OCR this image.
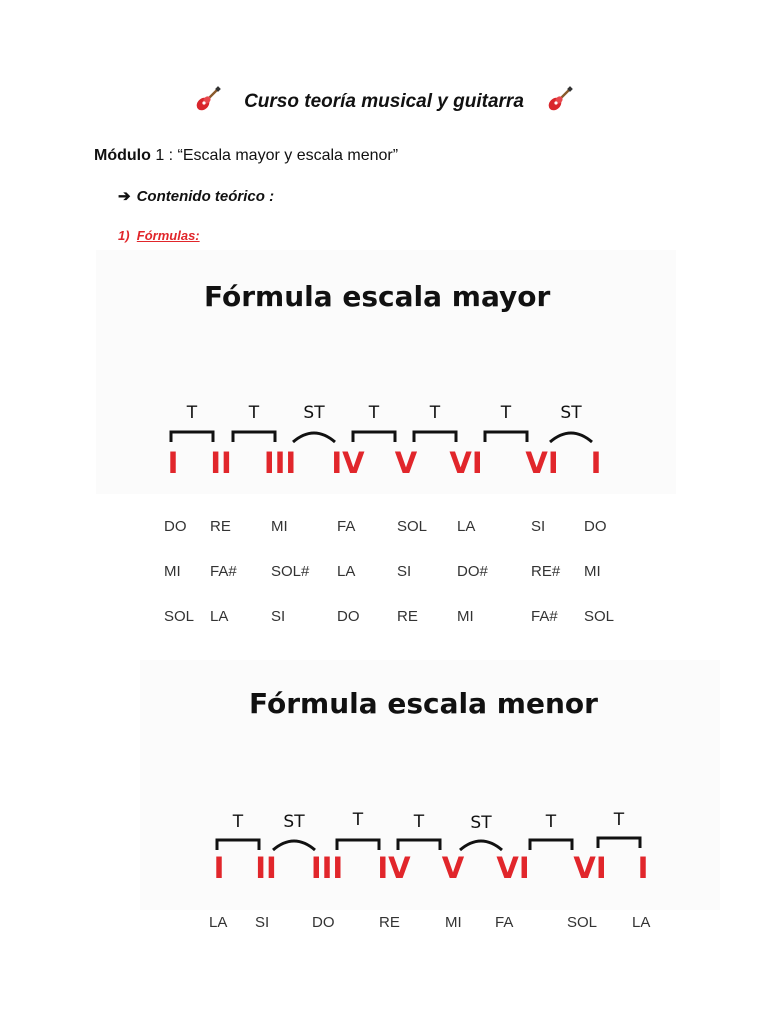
Curso teoría musical y guitarra
Módulo 1 : “Escala mayor y escala menor”
➔ Contenido teórico :
1) Fórmulas:
Fórmula escala mayor
I II III IV V VI VI I
T	T	ST	T	T	T	ST
DO RE	MI	FA	SOL LA	SI	DO
MI FA# SOL# LA	SI	DO#	RE# MI
SOL LA	SI	DO	RE	MI	FA# SOL
Fórmula escala menor
I II III IV V VI VI I
T ST	T	T	ST	T	T
LA SI	DO	RE	MI FA	SOL LA
